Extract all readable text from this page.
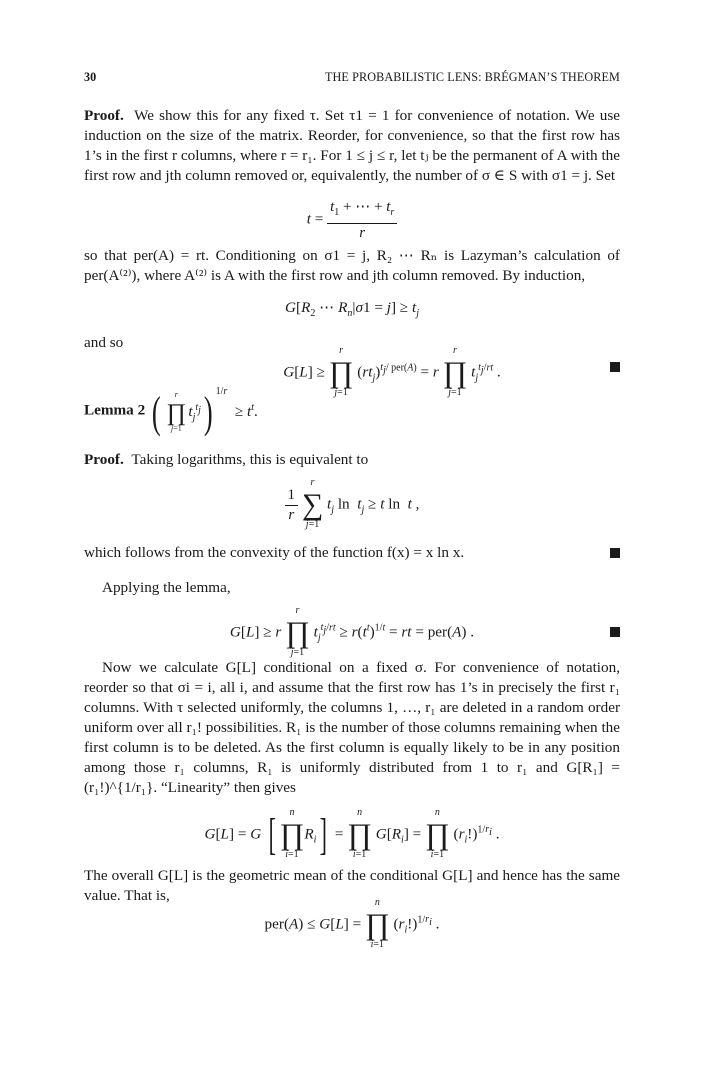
30	THE PROBABILISTIC LENS: BRÉGMAN’S THEOREM

Proof. We show this for any fixed τ. Set τ1 = 1 for convenience of notation. We use induction on the size of the matrix. Reorder, for convenience, so that the first row has 1’s in the first r columns, where r = r₁. For 1 ≤ j ≤ r, let tⱼ be the permanent of A with the first row and jth column removed or, equivalently, the number of σ ∈ S with σ1 = j. Set

$t = \frac{t_1 + \cdots + t_r}{r}$

so that per(A) = rt. Conditioning on σ1 = j, R₂ ⋯ Rₙ is Lazyman’s calculation of per(A⁽²⁾), where A⁽²⁾ is A with the first row and jth column removed. By induction,

$G[R_2$ ⋯ $R_n|\sigma 1 = j] \ge t_j$

and so

G[L] ≥
r
∏
j=1
$(rt_j)^{t_j/ per(A)} = r$
r
∏
j=1
$t_j^{t_j/rt}$ .

Lemma 2 (	r
∏
j=1
$t_j^{t_j}$) $^{1/r} \ge t^t$.

Proof. Taking logarithms, this is equivalent to

$\frac{1}{r}$

r
∑
j=1
$t_j$ $\ln t_j \ge t$ ln  t ,

which follows from the convexity of the function f(x) = x ln x.

Applying the lemma,

G[L] ≥ r
r
∏
j=1
$t_j^{t_j/rt} \ge r(t^t)^{1/t}$ = rt = per(A) .

Now we calculate G[L] conditional on a fixed σ. For convenience of notation, reorder so that σi = i, all i, and assume that the first row has 1’s in precisely the first r₁ columns. With τ selected uniformly, the columns 1, …, r₁ are deleted in a random order uniform over all r₁! possibilities. R₁ is the number of those columns remaining when the first column is to be deleted. As the first column is equally likely to be in any position among those r₁ columns, R₁ is uniformly distributed from 1 to r₁ and G[R₁] = (r₁!)^{1/r₁}. “Linearity” then gives

G[L] = G [	n
∏
i=1
$R_i$] =
n
∏
i=1
$G[R_i]$ =
n
∏
i=1
$(r_i!)^{1/r_i}$ .

The overall G[L] is the geometric mean of the conditional G[L] and hence has the same value. That is,

per(A) ≤ G[L] =
n
∏
i=1
$(r_i!)^{1/r_i}$ .
